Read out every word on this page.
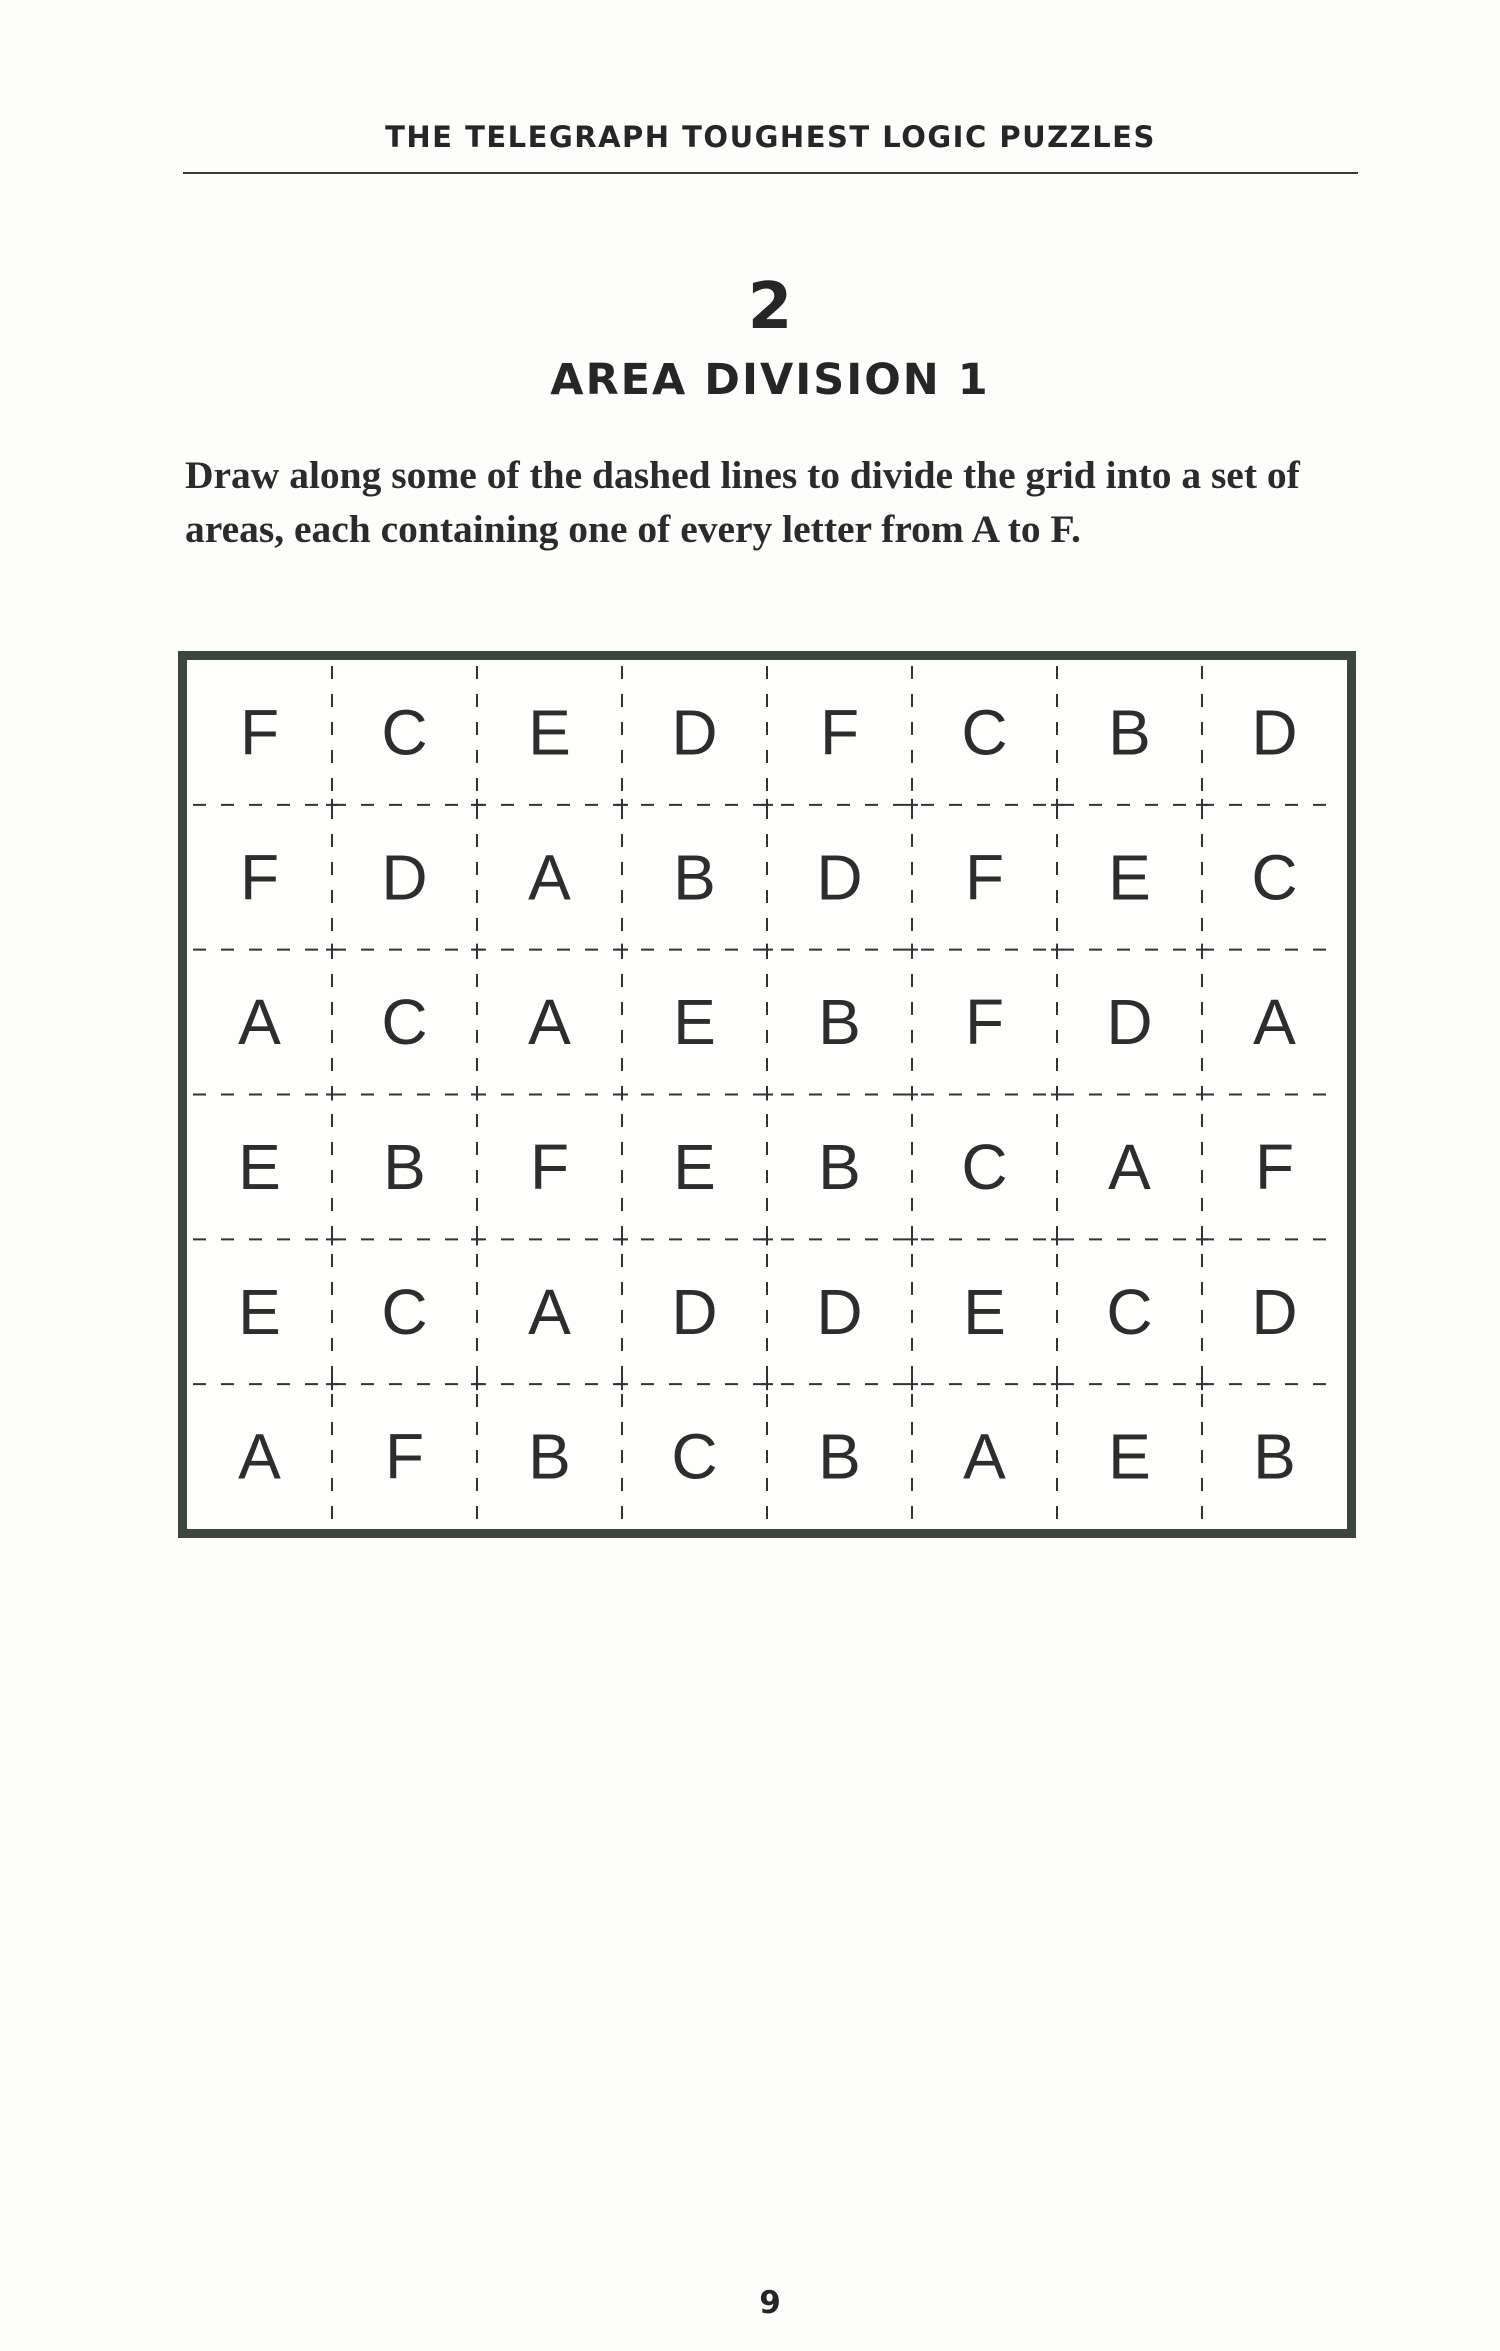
THE TELEGRAPH TOUGHEST LOGIC PUZZLES
2
AREA DIVISION 1
Draw along some of the dashed lines to divide the grid into a set of areas, each containing one of every letter from A to F.
F C E D F C B D
F D A B D F E C
A C A E B F D A
E B F E B C A F
E C A D D E C D
A F B C B A E B
9
